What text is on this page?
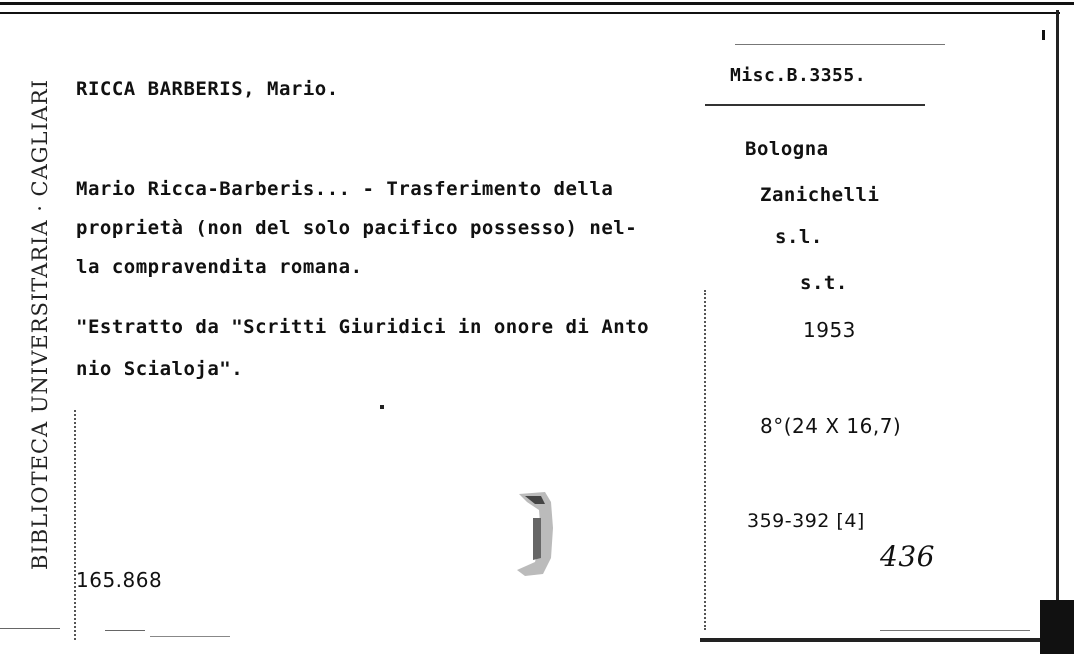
BIBLIOTECA UNIVERSITARIA · CAGLIARI RICCA BARBERIS, Mario.
Mario Ricca-Barberis... - Trasferimento della
proprietà (non del solo pacifico possesso) nel-
la compravendita romana.
"Estratto da "Scritti Giuridici in onore di Anto
nio Scialoja".
165.868
Misc.B.3355.
Bologna
Zanichelli
s.l.
s.t.
1953
8°(24 X 16,7)
359-392 [4]
436
